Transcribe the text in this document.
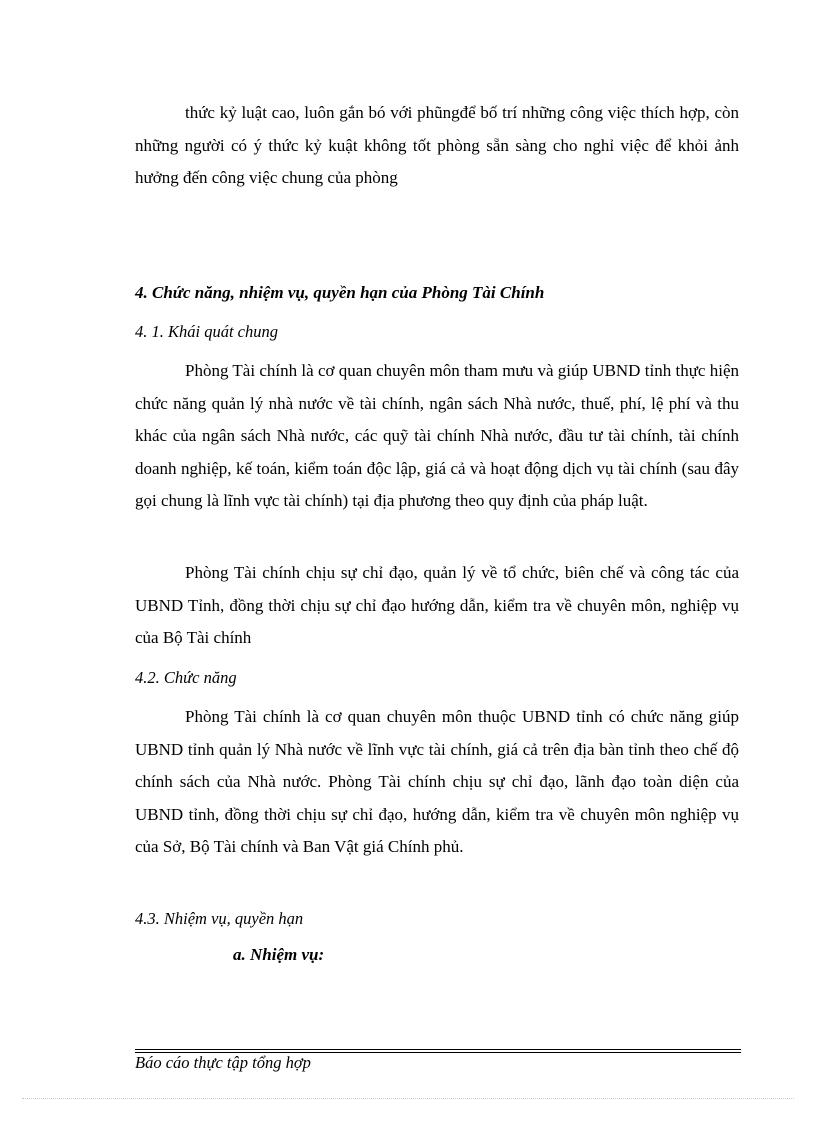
thức kỷ luật cao, luôn gắn bó với phũngđể bố trí những công việc thích hợp, còn những người có ý thức kỷ kuật không tốt phòng sẵn sàng cho nghỉ việc để khỏi ảnh hưởng đến công việc chung của phòng

4. Chức năng, nhiệm vụ, quyền hạn của Phòng Tài Chính

4. 1. Khái quát chung

Phòng Tài chính là cơ quan chuyên môn tham mưu và giúp UBND tỉnh thực hiện chức năng quản lý nhà nước về tài chính, ngân sách Nhà nước, thuế, phí, lệ phí và thu khác của ngân sách Nhà nước, các quỹ tài chính Nhà nước, đầu tư tài chính, tài chính doanh nghiệp, kế toán, kiểm toán độc lập, giá cả và hoạt động dịch vụ tài chính (sau đây gọi chung là lĩnh vực tài chính) tại địa phương theo quy định của pháp luật.

Phòng Tài chính chịu sự chỉ đạo, quản lý về tổ chức, biên chế và công tác của UBND Tỉnh, đồng thời chịu sự chỉ đạo hướng dẫn, kiểm tra về chuyên môn, nghiệp vụ của Bộ Tài chính

4.2. Chức năng

Phòng Tài chính là cơ quan chuyên môn thuộc UBND tỉnh có chức năng giúp UBND tỉnh quản lý Nhà nước về lĩnh vực tài chính, giá cả trên địa bàn tỉnh theo chế độ chính sách của Nhà nước. Phòng Tài chính chịu sự chỉ đạo, lãnh đạo toàn diện của UBND tỉnh, đồng thời chịu sự chỉ đạo, hướng dẫn, kiểm tra về chuyên môn nghiệp vụ của Sở, Bộ Tài chính và Ban Vật giá Chính phủ.

4.3. Nhiệm vụ, quyền hạn

a. Nhiệm vụ:

Báo cáo thực tập tổng hợp
